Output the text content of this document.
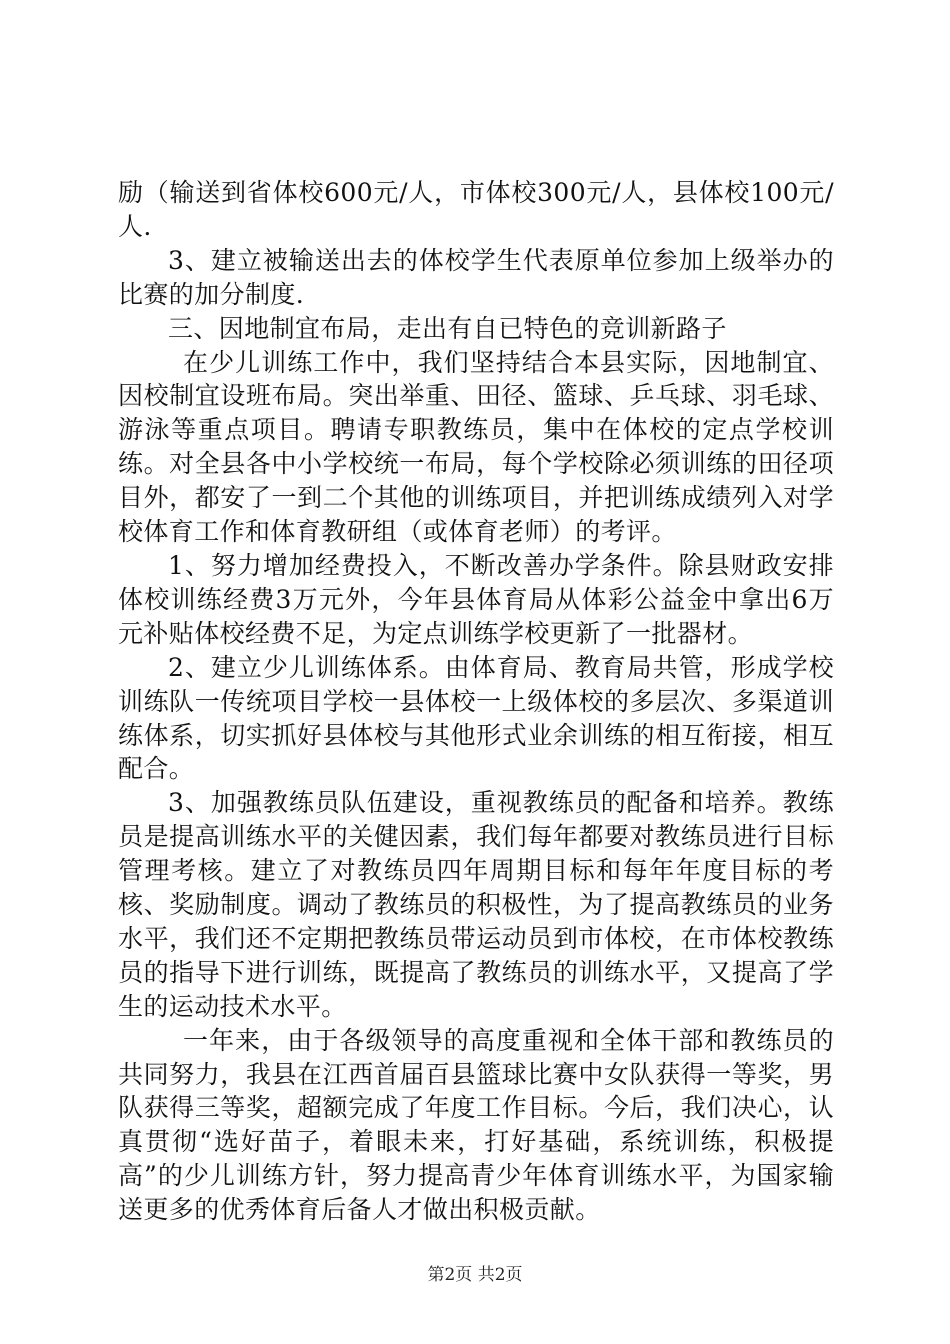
励（输送到省体校600元/人，市体校300元/人，县体校100元/人.

3、建立被输送出去的体校学生代表原单位参加上级举办的比赛的加分制度.

三、因地制宜布局，走出有自已特色的竞训新路子

在少儿训练工作中，我们坚持结合本县实际，因地制宜、因校制宜设班布局。突出举重、田径、篮球、乒乓球、羽毛球、游泳等重点项目。聘请专职教练员，集中在体校的定点学校训练。对全县各中小学校统一布局，每个学校除必须训练的田径项目外，都安了一到二个其他的训练项目，并把训练成绩列入对学校体育工作和体育教研组（或体育老师）的考评。

1、努力增加经费投入，不断改善办学条件。除县财政安排体校训练经费3万元外，今年县体育局从体彩公益金中拿出6万元补贴体校经费不足，为定点训练学校更新了一批器材。

2、建立少儿训练体系。由体育局、教育局共管，形成学校训练队一传统项目学校一县体校一上级体校的多层次、多渠道训练体系，切实抓好县体校与其他形式业余训练的相互衔接，相互配合。

3、加强教练员队伍建设，重视教练员的配备和培养。教练员是提高训练水平的关健因素，我们每年都要对教练员进行目标管理考核。建立了对教练员四年周期目标和每年年度目标的考核、奖励制度。调动了教练员的积极性，为了提高教练员的业务水平，我们还不定期把教练员带运动员到市体校，在市体校教练员的指导下进行训练，既提高了教练员的训练水平，又提高了学生的运动技术水平。

一年来，由于各级领导的高度重视和全体干部和教练员的共同努力，我县在江西首届百县篮球比赛中女队获得一等奖，男队获得三等奖，超额完成了年度工作目标。今后，我们决心，认真贯彻“选好苗子，着眼未来，打好基础，系统训练，积极提高”的少儿训练方针，努力提高青少年体育训练水平，为国家输送更多的优秀体育后备人才做出积极贡献。

第2页 共2页
